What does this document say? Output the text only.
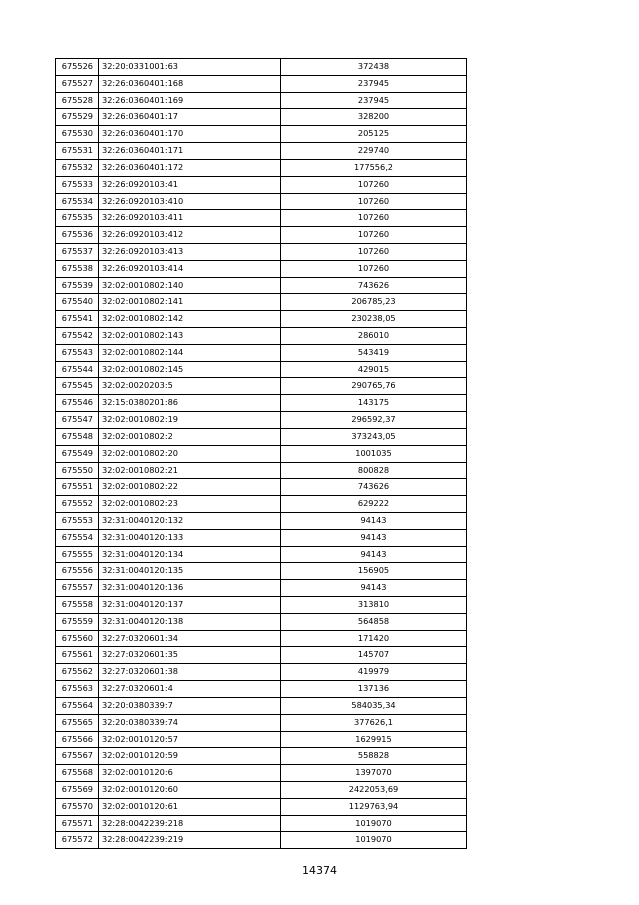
675526	32:20:0331001:63	372438
675527	32:26:0360401:168	237945
675528	32:26:0360401:169	237945
675529	32:26:0360401:17	328200
675530	32:26:0360401:170	205125
675531	32:26:0360401:171	229740
675532	32:26:0360401:172	177556,2
675533	32:26:0920103:41	107260
675534	32:26:0920103:410	107260
675535	32:26:0920103:411	107260
675536	32:26:0920103:412	107260
675537	32:26:0920103:413	107260
675538	32:26:0920103:414	107260
675539	32:02:0010802:140	743626
675540	32:02:0010802:141	206785,23
675541	32:02:0010802:142	230238,05
675542	32:02:0010802:143	286010
675543	32:02:0010802:144	543419
675544	32:02:0010802:145	429015
675545	32:02:0020203:5	290765,76
675546	32:15:0380201:86	143175
675547	32:02:0010802:19	296592,37
675548	32:02:0010802:2	373243,05
675549	32:02:0010802:20	1001035
675550	32:02:0010802:21	800828
675551	32:02:0010802:22	743626
675552	32:02:0010802:23	629222
675553	32:31:0040120:132	94143
675554	32:31:0040120:133	94143
675555	32:31:0040120:134	94143
675556	32:31:0040120:135	156905
675557	32:31:0040120:136	94143
675558	32:31:0040120:137	313810
675559	32:31:0040120:138	564858
675560	32:27:0320601:34	171420
675561	32:27:0320601:35	145707
675562	32:27:0320601:38	419979
675563	32:27:0320601:4	137136
675564	32:20:0380339:7	584035,34
675565	32:20:0380339:74	377626,1
675566	32:02:0010120:57	1629915
675567	32:02:0010120:59	558828
675568	32:02:0010120:6	1397070
675569	32:02:0010120:60	2422053,69
675570	32:02:0010120:61	1129763,94
675571	32:28:0042239:218	1019070
675572	32:28:0042239:219	1019070
14374
